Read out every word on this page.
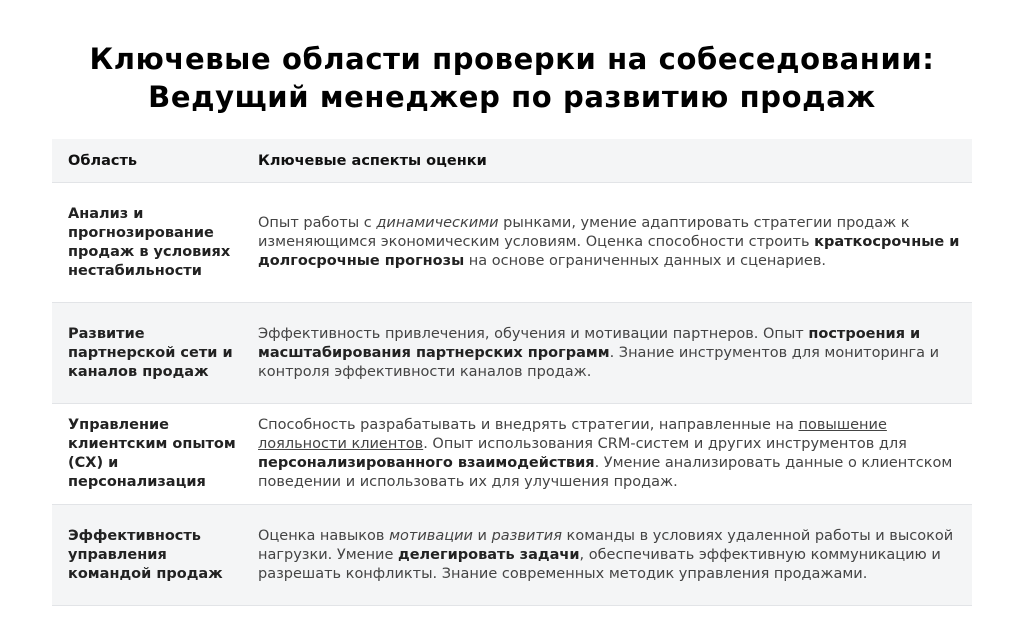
Ключевые области проверки на собеседовании:
Ведущий менеджер по развитию продаж
Область	Ключевые аспекты оценки
Анализ и прогнозирование продаж в условиях нестабильности
Опыт работы с динамическими рынками, умение адаптировать стратегии продаж к изменяющимся экономическим условиям. Оценка способности строить краткосрочные и долгосрочные прогнозы на основе ограниченных данных и сценариев.
Развитие партнерской сети и каналов продаж
Эффективность привлечения, обучения и мотивации партнеров. Опыт построения и масштабирования партнерских программ. Знание инструментов для мониторинга и контроля эффективности каналов продаж.
Управление клиентским опытом (CX) и персонализация
Способность разрабатывать и внедрять стратегии, направленные на повышение лояльности клиентов. Опыт использования CRM-систем и других инструментов для персонализированного взаимодействия. Умение анализировать данные о клиентском поведении и использовать их для улучшения продаж.
Эффективность управления командой продаж
Оценка навыков мотивации и развития команды в условиях удаленной работы и высокой нагрузки. Умение делегировать задачи, обеспечивать эффективную коммуникацию и разрешать конфликты. Знание современных методик управления продажами.
